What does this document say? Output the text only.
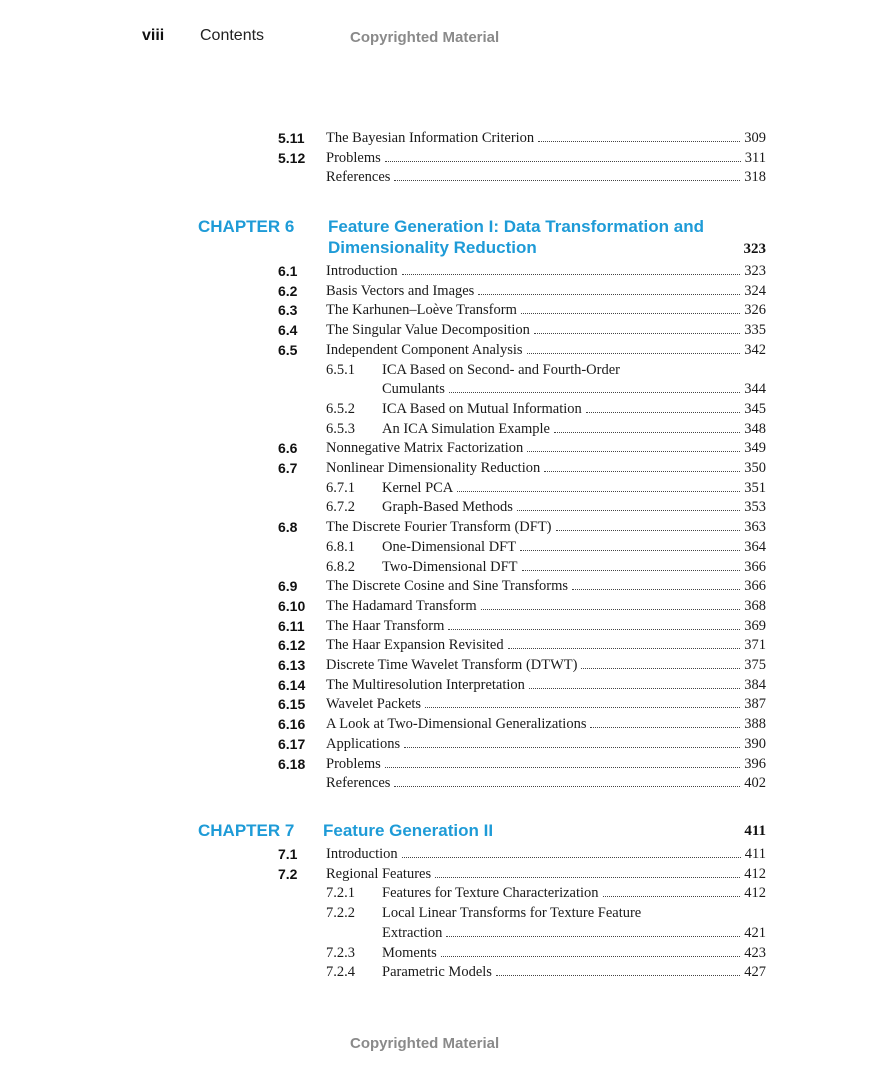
viii Contents	Copyrighted Material
Copyrighted Material
5.11 The Bayesian Information Criterion	309
5.12 Problems	311
References	318
CHAPTER 6 Feature Generation I: Data Transformation and
Dimensionality Reduction	323
6.1 Introduction	323
6.2 Basis Vectors and Images	324
6.3 The Karhunen–Loève Transform	326
6.4 The Singular Value Decomposition	335
6.5 Independent Component Analysis	342
6.5.1 ICA Based on Second- and Fourth-Order
Cumulants	344
6.5.2 ICA Based on Mutual Information	345
6.5.3 An ICA Simulation Example	348
6.6 Nonnegative Matrix Factorization	349
6.7 Nonlinear Dimensionality Reduction	350
6.7.1 Kernel PCA	351
6.7.2 Graph-Based Methods	353
6.8 The Discrete Fourier Transform (DFT)	363
6.8.1 One-Dimensional DFT	364
6.8.2 Two-Dimensional DFT	366
6.9 The Discrete Cosine and Sine Transforms	366
6.10 The Hadamard Transform	368
6.11 The Haar Transform	369
6.12 The Haar Expansion Revisited	371
6.13 Discrete Time Wavelet Transform (DTWT)	375
6.14 The Multiresolution Interpretation	384
6.15 Wavelet Packets	387
6.16 A Look at Two-Dimensional Generalizations	388
6.17 Applications	390
6.18 Problems	396
References	402
CHAPTER 7 Feature Generation II	411
7.1 Introduction	411
7.2 Regional Features	412
7.2.1 Features for Texture Characterization	412
7.2.2 Local Linear Transforms for Texture Feature
Extraction	421
7.2.3 Moments	423
7.2.4 Parametric Models	427
